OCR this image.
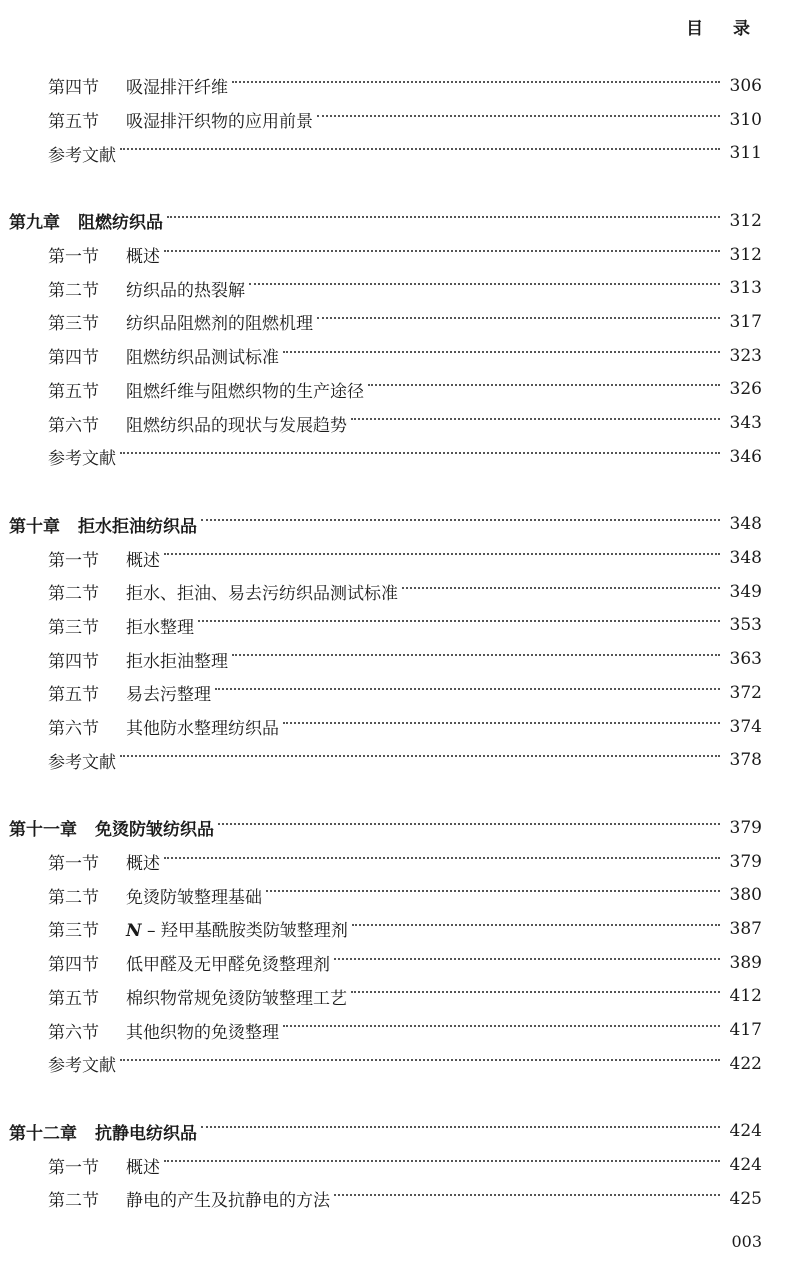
目 录
第四节 吸湿排汗纤维	306
第五节 吸湿排汗织物的应用前景	310
参考文献	311
第九章 阻燃纺织品	312
第一节 概述	312
第二节 纺织品的热裂解	313
第三节 纺织品阻燃剂的阻燃机理	317
第四节 阻燃纺织品测试标准	323
第五节 阻燃纤维与阻燃织物的生产途径	326
第六节 阻燃纺织品的现状与发展趋势	343
参考文献	346
第十章 拒水拒油纺织品	348
第一节 概述	348
第二节 拒水、拒油、易去污纺织品测试标准	349
第三节 拒水整理	353
第四节 拒水拒油整理	363
第五节 易去污整理	372
第六节 其他防水整理纺织品	374
参考文献	378
第十一章 免烫防皱纺织品	379
第一节 概述	379
第二节 免烫防皱整理基础	380
第三节 N – 羟甲基酰胺类防皱整理剂	387
第四节 低甲醛及无甲醛免烫整理剂	389
第五节 棉织物常规免烫防皱整理工艺	412
第六节 其他织物的免烫整理	417
参考文献	422
第十二章 抗静电纺织品	424
第一节 概述	424
第二节 静电的产生及抗静电的方法	425
003
